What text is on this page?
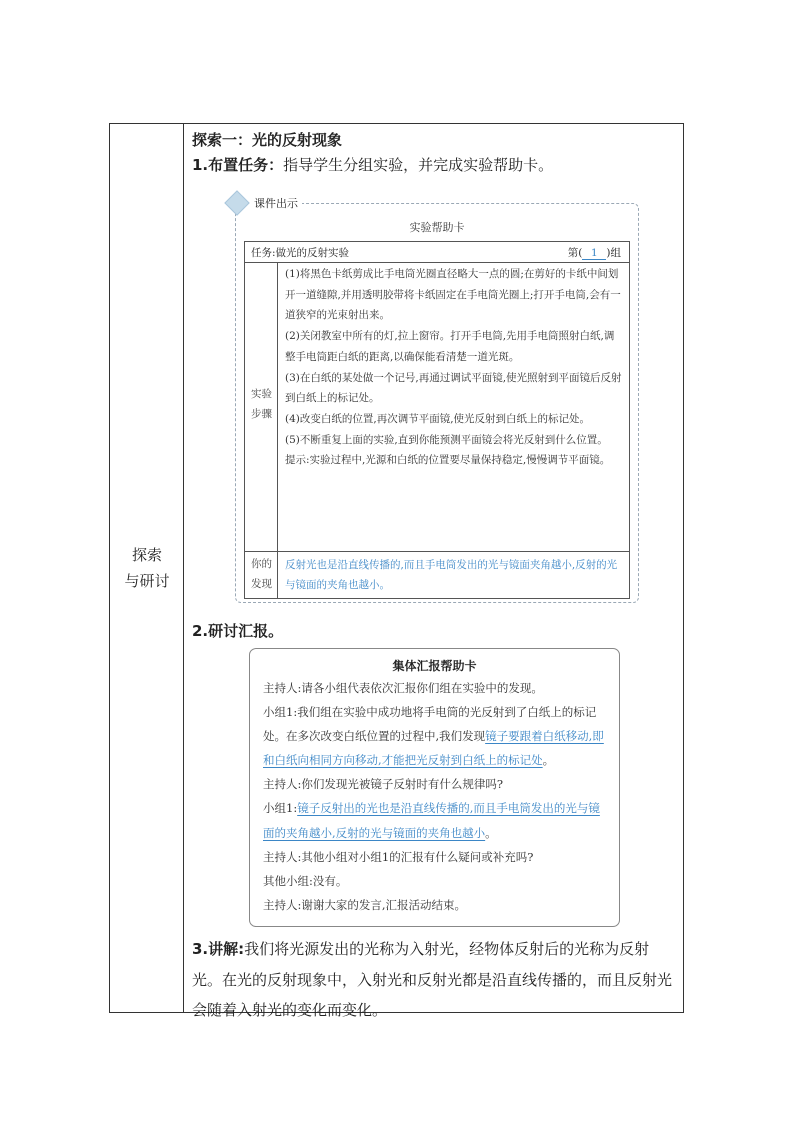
探索
与研讨
探索一：光的反射现象
1.布置任务：指导学生分组实验，并完成实验帮助卡。
课件出示
实验帮助卡
任务:做光的反射实验	第( 1 )组
实验
步骤

(1)将黑色卡纸剪成比手电筒光圈直径略大一点的圆;在剪好的卡纸中间划开一道缝隙,并用透明胶带将卡纸固定在手电筒光圈上;打开手电筒,会有一道狭窄的光束射出来。

(2)关闭教室中所有的灯,拉上窗帘。打开手电筒,先用手电筒照射白纸,调整手电筒距白纸的距离,以确保能看清楚一道光斑。

(3)在白纸的某处做一个记号,再通过调试平面镜,使光照射到平面镜后反射到白纸上的标记处。

(4)改变白纸的位置,再次调节平面镜,使光反射到白纸上的标记处。

(5)不断重复上面的实验,直到你能预测平面镜会将光反射到什么位置。

提示:实验过程中,光源和白纸的位置要尽量保持稳定,慢慢调节平面镜。

你的
发现
反射光也是沿直线传播的,而且手电筒发出的光与镜面夹角越小,反射的光与镜面的夹角也越小。
2.研讨汇报。
集体汇报帮助卡

主持人:请各小组代表依次汇报你们组在实验中的发现。

小组1:我们组在实验中成功地将手电筒的光反射到了白纸上的标记处。在多次改变白纸位置的过程中,我们发现镜子要跟着白纸移动,即和白纸向相同方向移动,才能把光反射到白纸上的标记处。

主持人:你们发现光被镜子反射时有什么规律吗?

小组1:镜子反射出的光也是沿直线传播的,而且手电筒发出的光与镜面的夹角越小,反射的光与镜面的夹角也越小。

主持人:其他小组对小组1的汇报有什么疑问或补充吗?

其他小组:没有。

主持人:谢谢大家的发言,汇报活动结束。

3.讲解:我们将光源发出的光称为入射光，经物体反射后的光称为反射光。在光的反射现象中，入射光和反射光都是沿直线传播的，而且反射光会随着入射光的变化而变化。
